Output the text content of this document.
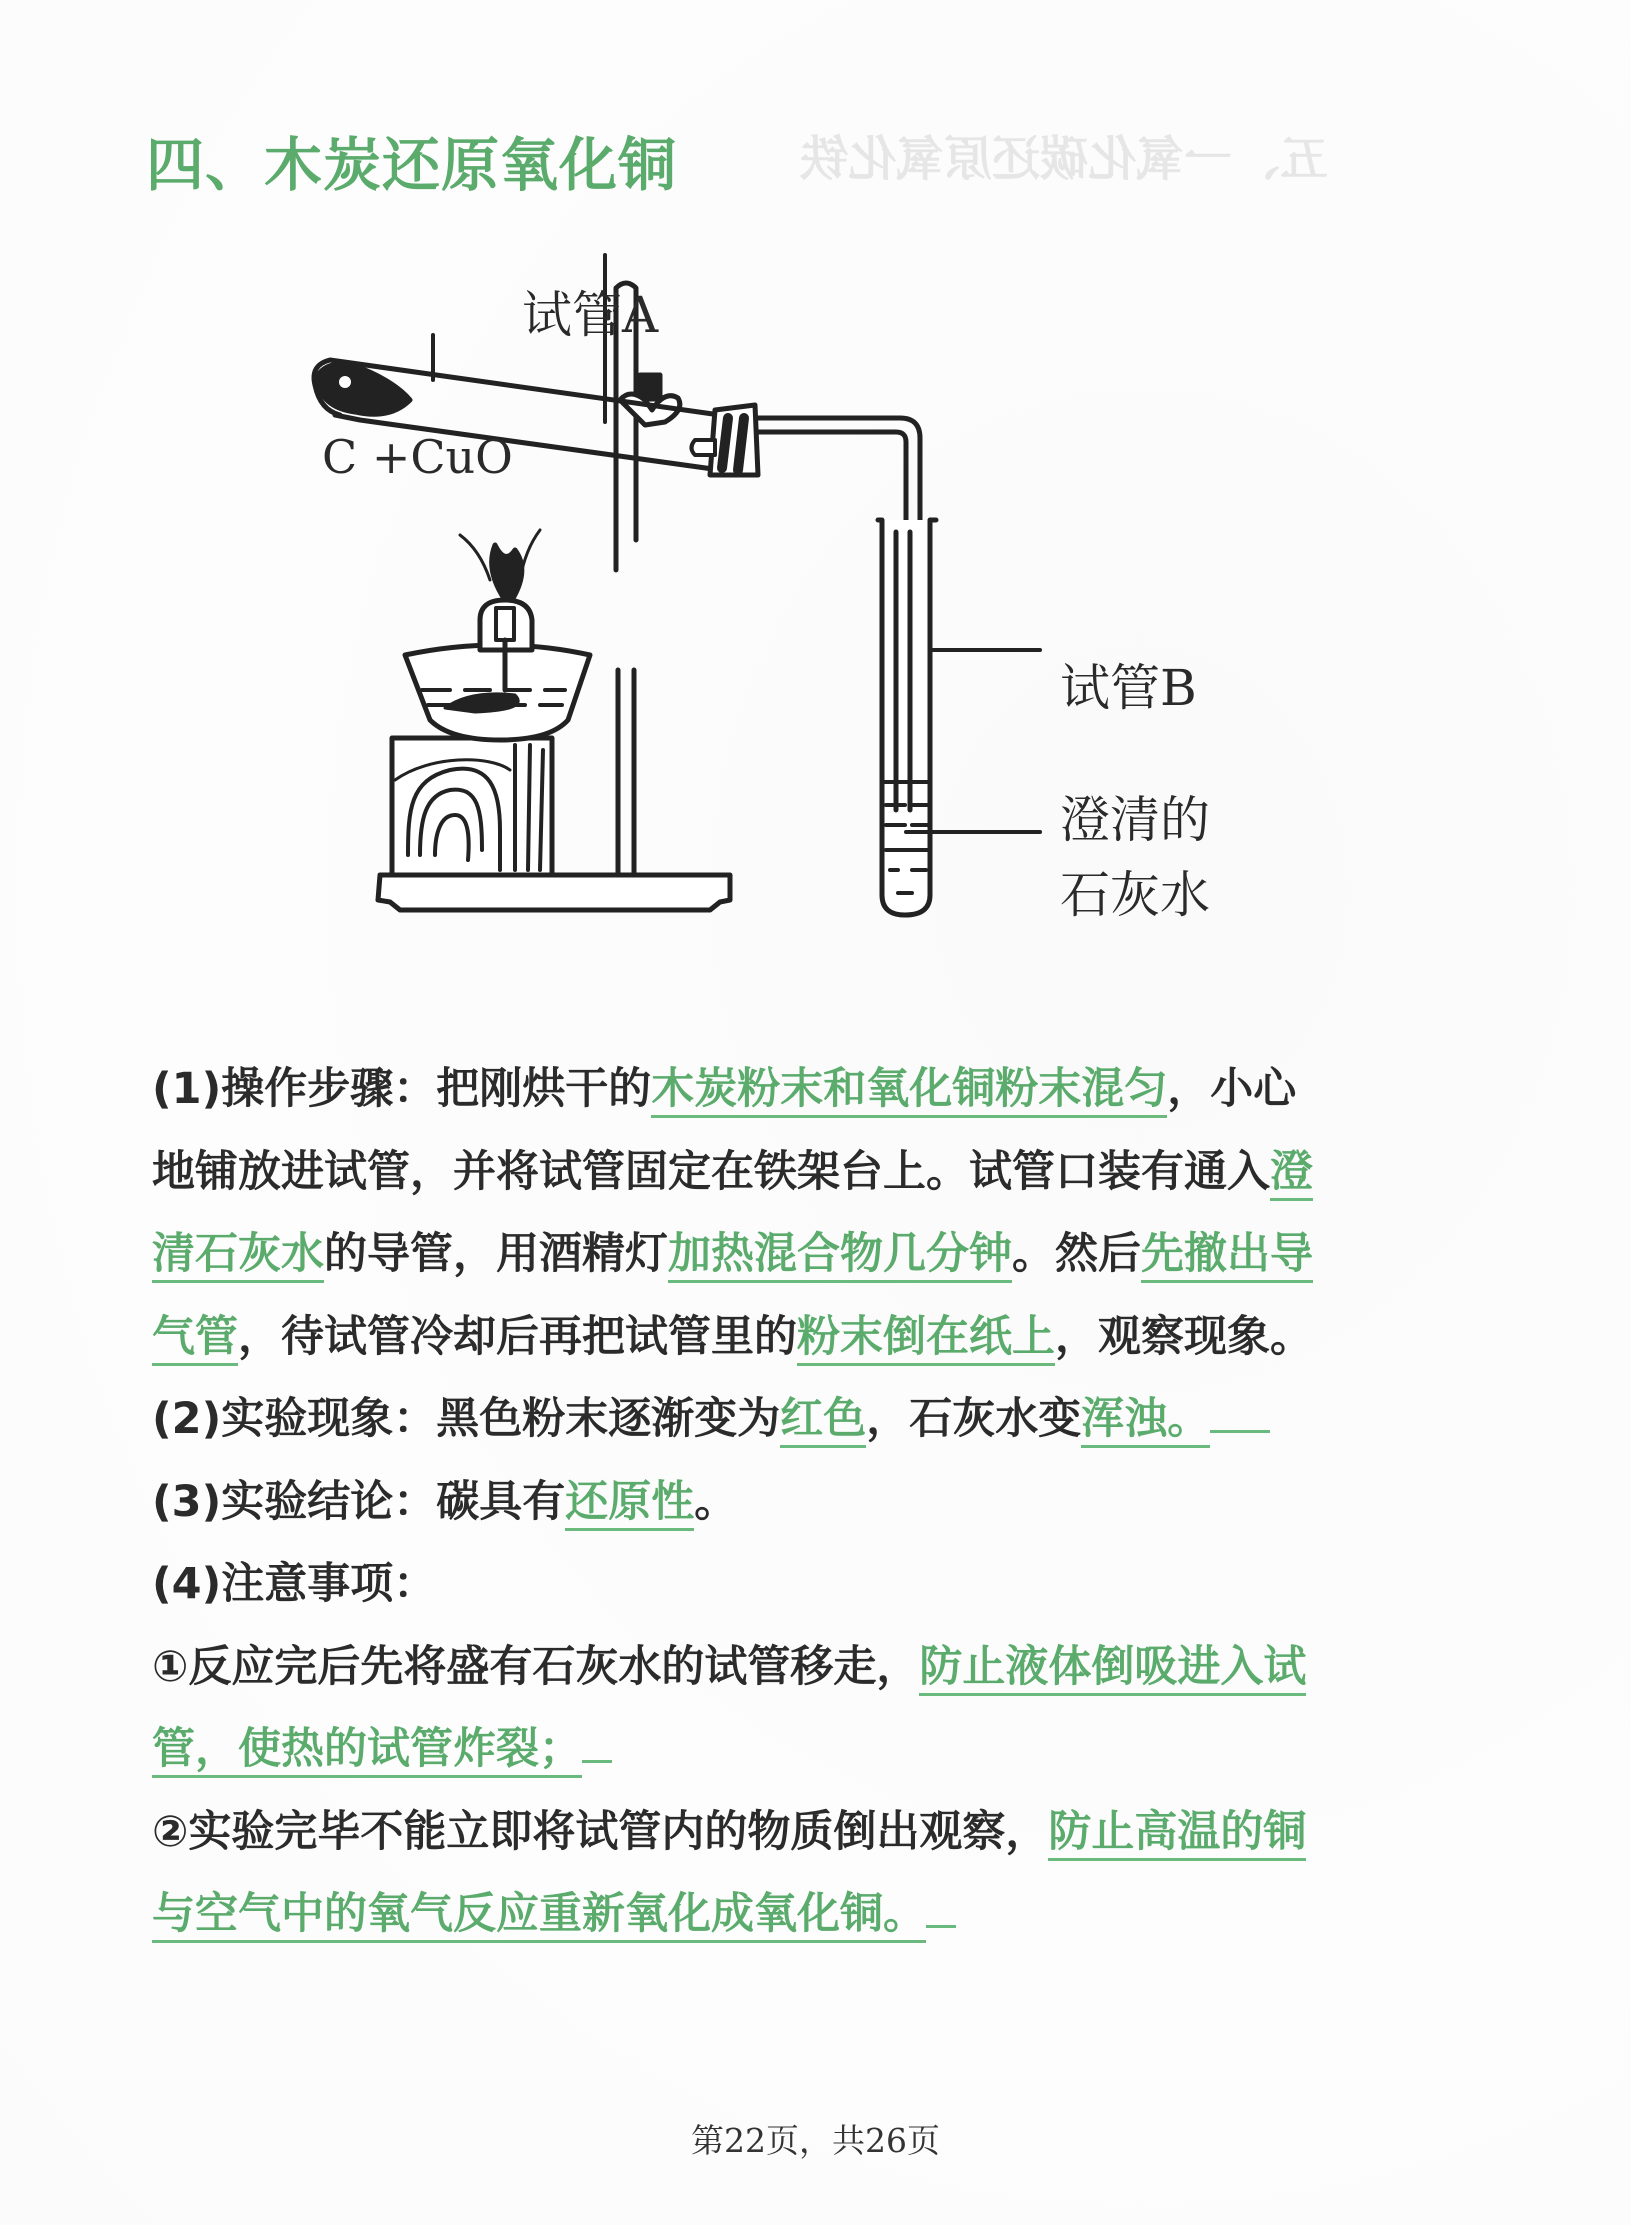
五、一氧化碳还原氧化铁
四、木炭还原氧化铜
试管A
C +CuO
试管B
澄清的
石灰水
(1)操作步骤：把刚烘干的木炭粉末和氧化铜粉末混匀，小心
地铺放进试管，并将试管固定在铁架台上。试管口装有通入澄
清石灰水的导管，用酒精灯加热混合物几分钟。然后先撤出导
气管，待试管冷却后再把试管里的粉末倒在纸上，观察现象。
(2)实验现象：黑色粉末逐渐变为红色，石灰水变浑浊。
(3)实验结论：碳具有还原性。
(4)注意事项：
①反应完后先将盛有石灰水的试管移走，防止液体倒吸进入试
管，使热的试管炸裂；
②实验完毕不能立即将试管内的物质倒出观察，防止高温的铜
与空气中的氧气反应重新氧化成氧化铜。
第22页，共26页
